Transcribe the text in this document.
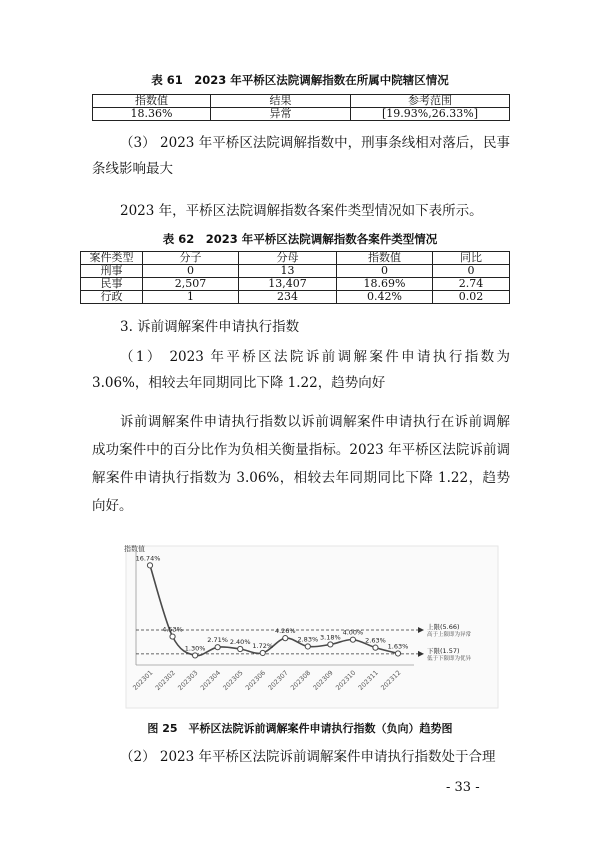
表 61　2023 年平桥区法院调解指数在所属中院辖区情况
指数值	结果	参考范围
18.36%	异常	[19.93%,26.33%]
（3） 2023 年平桥区法院调解指数中，刑事条线相对落后，民事条线影响最大
2023 年，平桥区法院调解指数各案件类型情况如下表所示。
表 62　2023 年平桥区法院调解指数各案件类型情况
案件类型	分子	分母	指数值	同比
刑事	0	13	0	0
民事	2,507	13,407	18.69%	2.74
行政	1	234	0.42%	0.02
3. 诉前调解案件申请执行指数
（1） 2023 年平桥区法院诉前调解案件申请执行指数为 3.06%，相较去年同期同比下降 1.22，趋势向好
诉前调解案件申请执行指数以诉前调解案件申请执行在诉前调解成功案件中的百分比作为负相关衡量指标。2023 年平桥区法院诉前调解案件申请执行指数为 3.06%，相较去年同期同比下降 1.22，趋势向好。
指数值
上限(5.66)
高于上限即为异常
下限(1.57)
低于下限即为优异
16.74%
202301
4.53%
202302
1.30%
202303
2.71%
202304
2.40%
202305
1.72%
202306
4.26%
202307
2.83%
202308
3.18%
202309
4.00%
202310
2.63%
202311
1.63%
202312
图 25　平桥区法院诉前调解案件申请执行指数（负向）趋势图
（2） 2023 年平桥区法院诉前调解案件申请执行指数处于合理
- 33 -
